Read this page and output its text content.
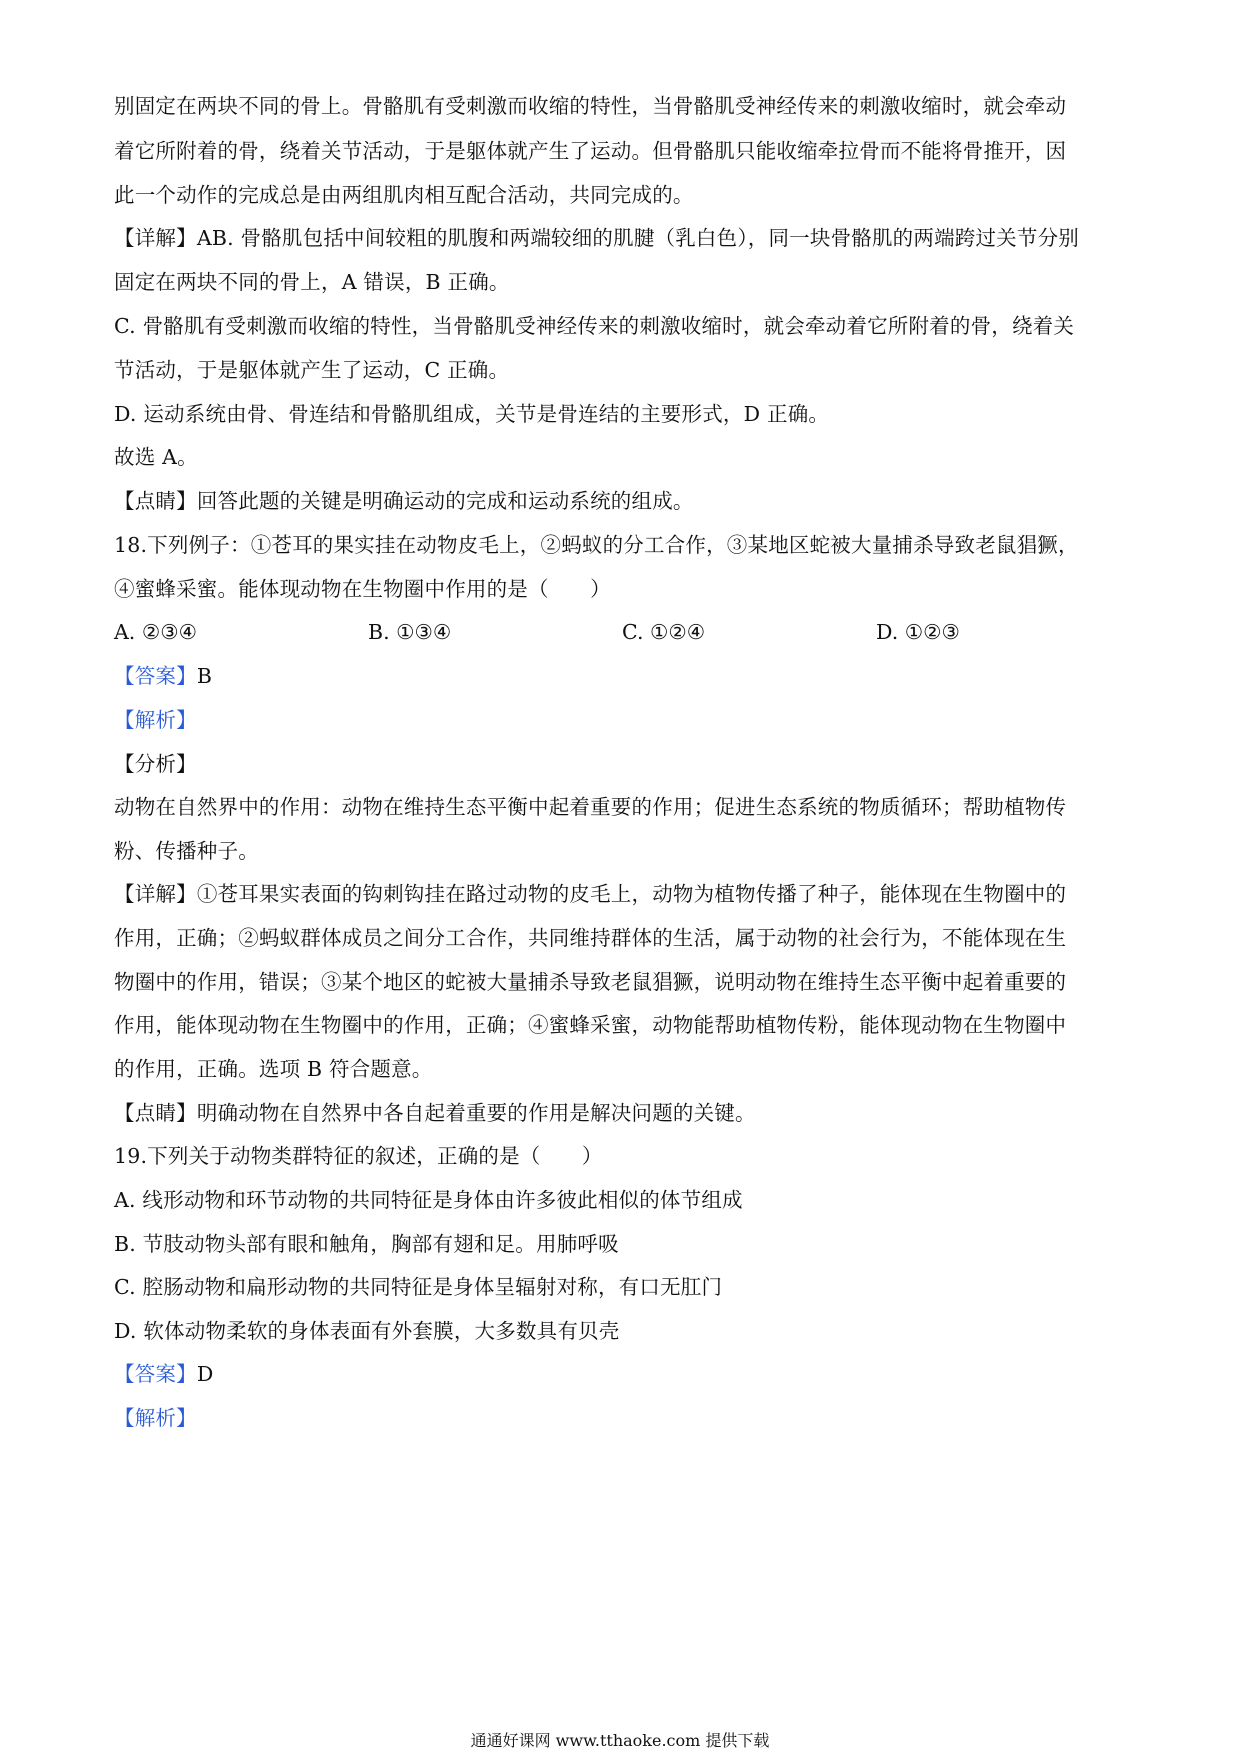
别固定在两块不同的骨上。骨骼肌有受刺激而收缩的特性，当骨骼肌受神经传来的刺激收缩时，就会牵动
着它所附着的骨，绕着关节活动，于是躯体就产生了运动。但骨骼肌只能收缩牵拉骨而不能将骨推开，因
此一个动作的完成总是由两组肌肉相互配合活动，共同完成的。
【详解】AB. 骨骼肌包括中间较粗的肌腹和两端较细的肌腱（乳白色），同一块骨骼肌的两端跨过关节分别
固定在两块不同的骨上，A 错误，B 正确。
C. 骨骼肌有受刺激而收缩的特性，当骨骼肌受神经传来的刺激收缩时，就会牵动着它所附着的骨，绕着关
节活动，于是躯体就产生了运动，C 正确。
D. 运动系统由骨、骨连结和骨骼肌组成，关节是骨连结的主要形式，D 正确。
故选 A。
【点睛】回答此题的关键是明确运动的完成和运动系统的组成。
18.下列例子：①苍耳的果实挂在动物皮毛上，②蚂蚁的分工合作，③某地区蛇被大量捕杀导致老鼠猖獗，
④蜜蜂采蜜。能体现动物在生物圈中作用的是（　　）
A. ②③④	B. ①③④	C. ①②④	D. ①②③
【答案】B
【解析】
【分析】
动物在自然界中的作用：动物在维持生态平衡中起着重要的作用；促进生态系统的物质循环；帮助植物传
粉、传播种子。
【详解】①苍耳果实表面的钩刺钩挂在路过动物的皮毛上，动物为植物传播了种子，能体现在生物圈中的
作用，正确；②蚂蚁群体成员之间分工合作，共同维持群体的生活，属于动物的社会行为，不能体现在生
物圈中的作用，错误；③某个地区的蛇被大量捕杀导致老鼠猖獗，说明动物在维持生态平衡中起着重要的
作用，能体现动物在生物圈中的作用，正确；④蜜蜂采蜜，动物能帮助植物传粉，能体现动物在生物圈中
的作用，正确。选项 B 符合题意。
【点睛】明确动物在自然界中各自起着重要的作用是解决问题的关键。
19.下列关于动物类群特征的叙述，正确的是（　　）
A. 线形动物和环节动物的共同特征是身体由许多彼此相似的体节组成
B. 节肢动物头部有眼和触角，胸部有翅和足。用肺呼吸
C. 腔肠动物和扁形动物的共同特征是身体呈辐射对称，有口无肛门
D. 软体动物柔软的身体表面有外套膜，大多数具有贝壳
【答案】D
【解析】
通通好课网 www.tthaoke.com 提供下载
